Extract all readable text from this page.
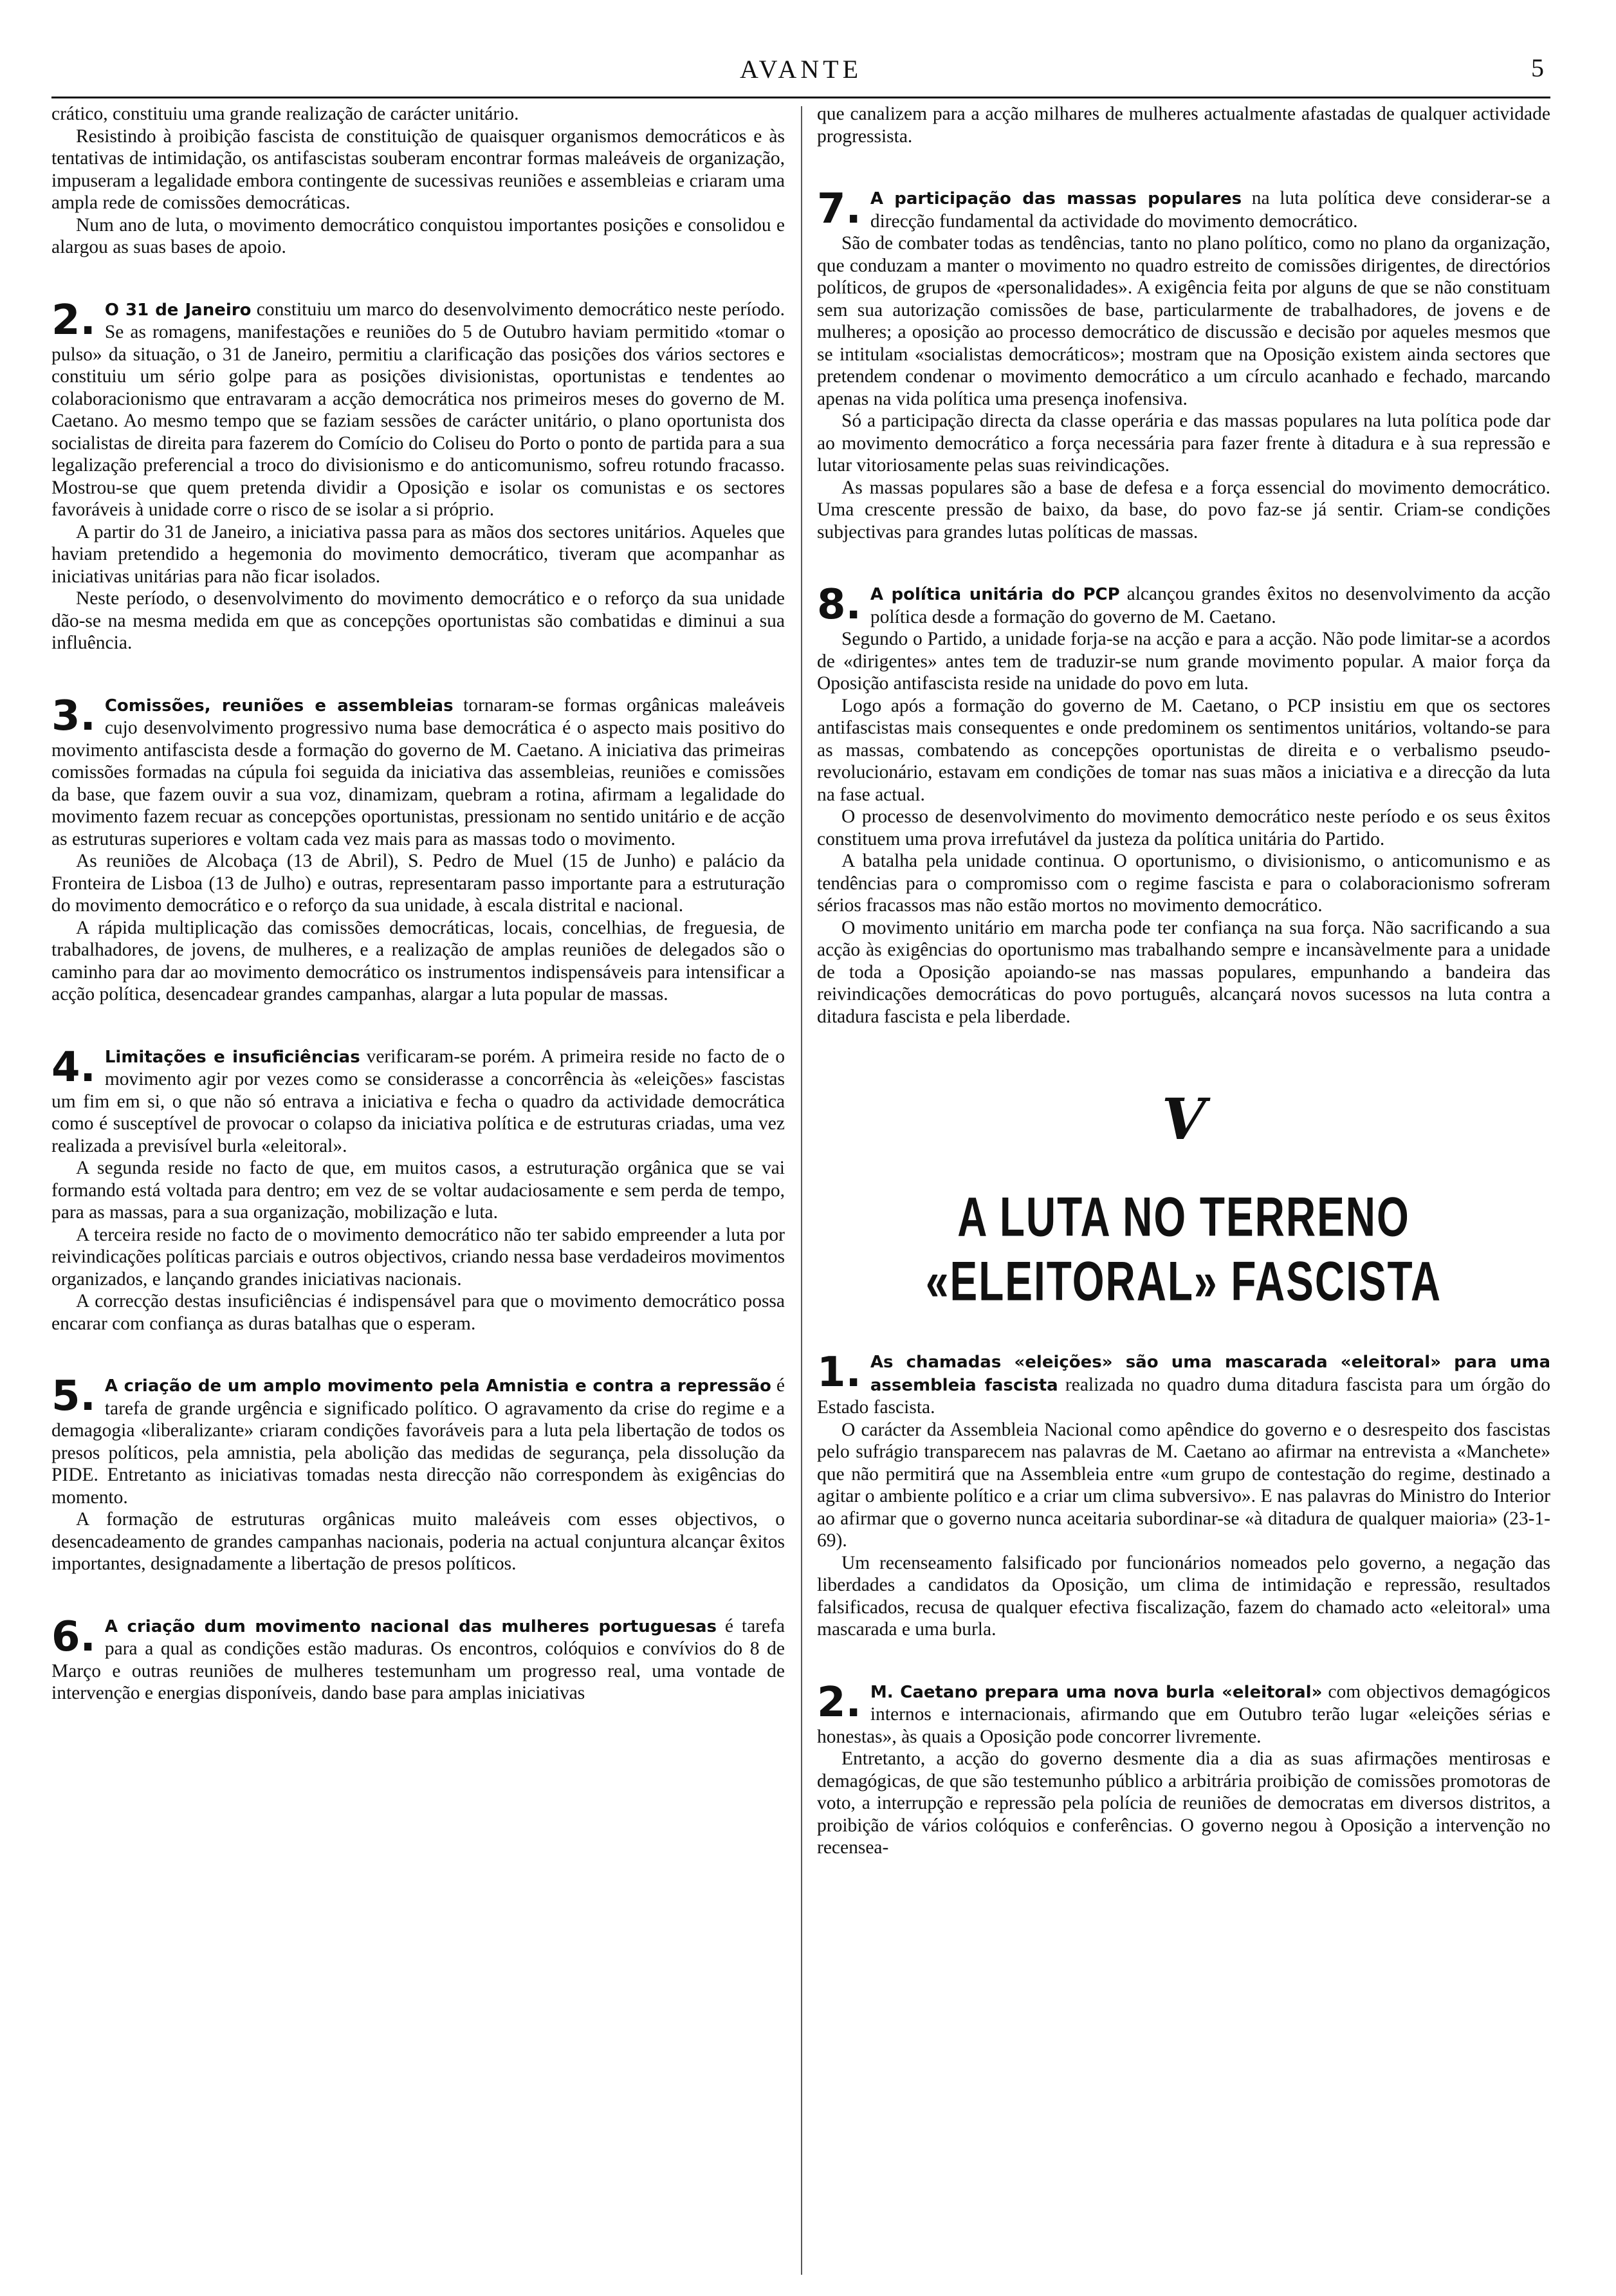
AVANTE	5

crático, constituiu uma grande realização de carácter unitário.

Resistindo à proibição fascista de constituição de quaisquer organismos democráticos e às tentativas de intimidação, os antifascistas souberam encontrar formas maleáveis de organização, impuseram a legalidade embora contingente de sucessivas reuniões e assembleias e criaram uma ampla rede de comissões democráticas.

Num ano de luta, o movimento democrático conquistou importantes posições e consolidou e alargou as suas bases de apoio.

2. O 31 de Janeiro constituiu um marco do desenvolvimento democrático neste período. Se as romagens, manifestações e reuniões do 5 de Outubro haviam permitido «tomar o pulso» da situação, o 31 de Janeiro, permitiu a clarificação das posições dos vários sectores e constituiu um sério golpe para as posições divisionistas, oportunistas e tendentes ao colaboracionismo que entravaram a acção democrática nos primeiros meses do governo de M. Caetano. Ao mesmo tempo que se faziam sessões de carácter unitário, o plano oportunista dos socialistas de direita para fazerem do Comício do Coliseu do Porto o ponto de partida para a sua legalização preferencial a troco do divisionismo e do anticomunismo, sofreu rotundo fracasso. Mostrou-se que quem pretenda dividir a Oposição e isolar os comunistas e os sectores favoráveis à unidade corre o risco de se isolar a si próprio.

A partir do 31 de Janeiro, a iniciativa passa para as mãos dos sectores unitários. Aqueles que haviam pretendido a hegemonia do movimento democrático, tiveram que acompanhar as iniciativas unitárias para não ficar isolados.

Neste período, o desenvolvimento do movimento democrático e o reforço da sua unidade dão-se na mesma medida em que as concepções oportunistas são combatidas e diminui a sua influência.

3. Comissões, reuniões e assembleias tornaram-se formas orgânicas maleáveis cujo desenvolvimento progressivo numa base democrática é o aspecto mais positivo do movimento antifascista desde a formação do governo de M. Caetano. A iniciativa das primeiras comissões formadas na cúpula foi seguida da iniciativa das assembleias, reuniões e comissões da base, que fazem ouvir a sua voz, dinamizam, quebram a rotina, afirmam a legalidade do movimento fazem recuar as concepções oportunistas, pressionam no sentido unitário e de acção as estruturas superiores e voltam cada vez mais para as massas todo o movimento.

As reuniões de Alcobaça (13 de Abril), S. Pedro de Muel (15 de Junho) e palácio da Fronteira de Lisboa (13 de Julho) e outras, representaram passo importante para a estruturação do movimento democrático e o reforço da sua unidade, à escala distrital e nacional.

A rápida multiplicação das comissões democráticas, locais, concelhias, de freguesia, de trabalhadores, de jovens, de mulheres, e a realização de amplas reuniões de delegados são o caminho para dar ao movimento democrático os instrumentos indispensáveis para intensificar a acção política, desencadear grandes campanhas, alargar a luta popular de massas.

4. Limitações e insuficiências verificaram-se porém. A primeira reside no facto de o movimento agir por vezes como se considerasse a concorrência às «eleições» fascistas um fim em si, o que não só entrava a iniciativa e fecha o quadro da actividade democrática como é susceptível de provocar o colapso da iniciativa política e de estruturas criadas, uma vez realizada a previsível burla «eleitoral».

A segunda reside no facto de que, em muitos casos, a estruturação orgânica que se vai formando está voltada para dentro; em vez de se voltar audaciosamente e sem perda de tempo, para as massas, para a sua organização, mobilização e luta.

A terceira reside no facto de o movimento democrático não ter sabido empreender a luta por reivindicações políticas parciais e outros objectivos, criando nessa base verdadeiros movimentos organizados, e lançando grandes iniciativas nacionais.

A correcção destas insuficiências é indispensável para que o movimento democrático possa encarar com confiança as duras batalhas que o esperam.

5. A criação de um amplo movimento pela Amnistia e contra a repressão é tarefa de grande urgência e significado político. O agravamento da crise do regime e a demagogia «liberalizante» criaram condições favoráveis para a luta pela libertação de todos os presos políticos, pela amnistia, pela abolição das medidas de segurança, pela dissolução da PIDE. Entretanto as iniciativas tomadas nesta direcção não correspondem às exigências do momento.

A formação de estruturas orgânicas muito maleáveis com esses objectivos, o desencadeamento de grandes campanhas nacionais, poderia na actual conjuntura alcançar êxitos importantes, designadamente a libertação de presos políticos.

6. A criação dum movimento nacional das mulheres portuguesas é tarefa para a qual as condições estão maduras. Os encontros, colóquios e convívios do 8 de Março e outras reuniões de mulheres testemunham um progresso real, uma vontade de intervenção e energias disponíveis, dando base para amplas iniciativas

que canalizem para a acção milhares de mulheres actualmente afastadas de qualquer actividade progressista.

7. A participação das massas populares na luta política deve considerar-se a direcção fundamental da actividade do movimento democrático.

São de combater todas as tendências, tanto no plano político, como no plano da organização, que conduzam a manter o movimento no quadro estreito de comissões dirigentes, de directórios políticos, de grupos de «personalidades». A exigência feita por alguns de que se não constituam sem sua autorização comissões de base, particularmente de trabalhadores, de jovens e de mulheres; a oposição ao processo democrático de discussão e decisão por aqueles mesmos que se intitulam «socialistas democráticos»; mostram que na Oposição existem ainda sectores que pretendem condenar o movimento democrático a um círculo acanhado e fechado, marcando apenas na vida política uma presença inofensiva.

Só a participação directa da classe operária e das massas populares na luta política pode dar ao movimento democrático a força necessária para fazer frente à ditadura e à sua repressão e lutar vitoriosamente pelas suas reivindicações.

As massas populares são a base de defesa e a força essencial do movimento democrático. Uma crescente pressão de baixo, da base, do povo faz-se já sentir. Criam-se condições subjectivas para grandes lutas políticas de massas.

8. A política unitária do PCP alcançou grandes êxitos no desenvolvimento da acção política desde a formação do governo de M. Caetano.

Segundo o Partido, a unidade forja-se na acção e para a acção. Não pode limitar-se a acordos de «dirigentes» antes tem de traduzir-se num grande movimento popular. A maior força da Oposição antifascista reside na unidade do povo em luta.

Logo após a formação do governo de M. Caetano, o PCP insistiu em que os sectores antifascistas mais consequentes e onde predominem os sentimentos unitários, voltando-se para as massas, combatendo as concepções oportunistas de direita e o verbalismo pseudo-revolucionário, estavam em condições de tomar nas suas mãos a iniciativa e a direcção da luta na fase actual.

O processo de desenvolvimento do movimento democrático neste período e os seus êxitos constituem uma prova irrefutável da justeza da política unitária do Partido.

A batalha pela unidade continua. O oportunismo, o divisionismo, o anticomunismo e as tendências para o compromisso com o regime fascista e para o colaboracionismo sofreram sérios fracassos mas não estão mortos no movimento democrático.

O movimento unitário em marcha pode ter confiança na sua força. Não sacrificando a sua acção às exigências do oportunismo mas trabalhando sempre e incansàvelmente para a unidade de toda a Oposição apoiando-se nas massas populares, empunhando a bandeira das reivindicações democráticas do povo português, alcançará novos sucessos na luta contra a ditadura fascista e pela liberdade.

V
A LUTA NO TERRENO «ELEITORAL» FASCISTA
1. As chamadas «eleições» são uma mascarada «eleitoral» para uma assembleia fascista realizada no quadro duma ditadura fascista para um órgão do Estado fascista.

O carácter da Assembleia Nacional como apêndice do governo e o desrespeito dos fascistas pelo sufrágio transparecem nas palavras de M. Caetano ao afirmar na entrevista a «Manchete» que não permitirá que na Assembleia entre «um grupo de contestação do regime, destinado a agitar o ambiente político e a criar um clima subversivo». E nas palavras do Ministro do Interior ao afirmar que o governo nunca aceitaria subordinar-se «à ditadura de qualquer maioria» (23-1-69).

Um recenseamento falsificado por funcionários nomeados pelo governo, a negação das liberdades a candidatos da Oposição, um clima de intimidação e repressão, resultados falsificados, recusa de qualquer efectiva fiscalização, fazem do chamado acto «eleitoral» uma mascarada e uma burla.

2. M. Caetano prepara uma nova burla «eleitoral» com objectivos demagógicos internos e internacionais, afirmando que em Outubro terão lugar «eleições sérias e honestas», às quais a Oposição pode concorrer livremente.

Entretanto, a acção do governo desmente dia a dia as suas afirmações mentirosas e demagógicas, de que são testemunho público a arbitrária proibição de comissões promotoras de voto, a interrupção e repressão pela polícia de reuniões de democratas em diversos distritos, a proibição de vários colóquios e conferências. O governo negou à Oposição a intervenção no recensea-
